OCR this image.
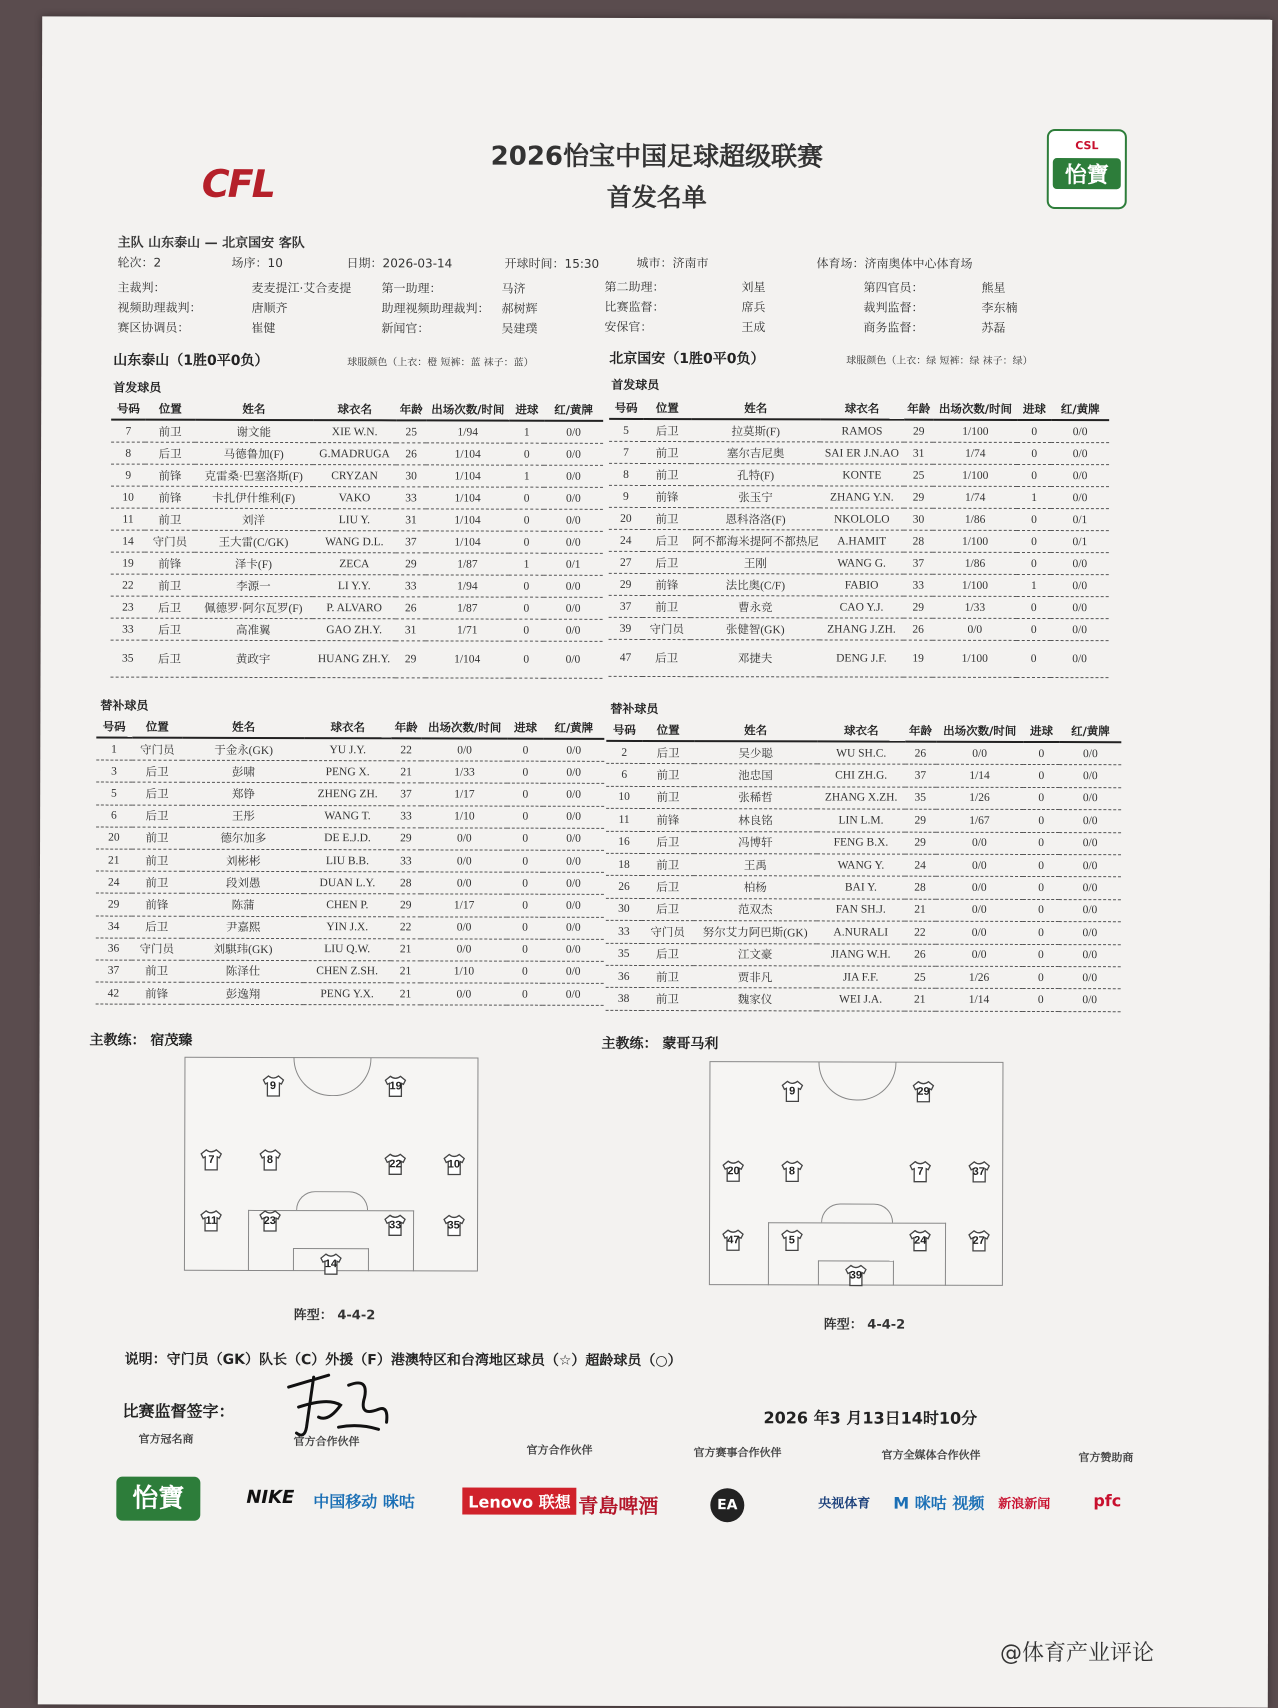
CFL
2026怡宝中国足球超级联赛
首发名单
CSL
怡寶
主队 山东泰山 — 北京国安 客队
轮次：2	场序：10	日期：2026-03-14	开球时间：15:30	城市：济南市	体育场：济南奥体中心体育场
主裁判：	麦麦提江·艾合麦提	第一助理：	马济	第二助理：	刘星	第四官员：	熊星
视频助理裁判：	唐顺齐	助理视频助理裁判： 郝树辉	比赛监督：	席兵	裁判监督：	李东楠
赛区协调员：	崔健	新闻官：	吴建璞	安保官：	王成	商务监督：	苏磊
山东泰山（1胜0平0负）	球服颜色（上衣：橙 短裤：蓝 袜子：蓝）	北京国安（1胜0平0负）	球服颜色（上衣：绿 短裤：绿 袜子：绿）
首发球员	首发球员
号码	位置	姓名	球衣名	年龄	出场次数/时间	进球	红/黄牌
7	前卫	谢文能	XIE W.N.	25	1/94	1	0/0
8	后卫	马德鲁加(F)	G.MADRUGA	26	1/104	0	0/0
9	前锋	克雷桑·巴塞洛斯(F)	CRYZAN	30	1/104	1	0/0
10	前锋	卡扎伊什维利(F)	VAKO	33	1/104	0	0/0
11	前卫	刘洋	LIU Y.	31	1/104	0	0/0
14	守门员	王大雷(C/GK)	WANG D.L.	37	1/104	0	0/0
19	前锋	泽卡(F)	ZECA	29	1/87	1	0/1
22	前卫	李源一	LI Y.Y.	33	1/94	0	0/0
23	后卫	佩德罗·阿尔瓦罗(F)	P. ALVARO	26	1/87	0	0/0
33	后卫	高准翼	GAO ZH.Y.	31	1/71	0	0/0
35	后卫	黄政宇	HUANG ZH.Y.	29	1/104	0	0/0
号码	位置	姓名	球衣名	年龄	出场次数/时间	进球	红/黄牌
5	后卫	拉莫斯(F)	RAMOS	29	1/100	0	0/0
7	前卫	塞尔吉尼奥	SAI ER J.N.AO	31	1/74	0	0/0
8	前卫	孔特(F)	KONTE	25	1/100	0	0/0
9	前锋	张玉宁	ZHANG Y.N.	29	1/74	1	0/0
20	前卫	恩科洛洛(F)	NKOLOLO	30	1/86	0	0/1
24	后卫	阿不都海米提阿不都热尼	A.HAMIT	28	1/100	0	0/1
27	后卫	王刚	WANG G.	37	1/86	0	0/0
29	前锋	法比奥(C/F)	FABIO	33	1/100	1	0/0
37	前卫	曹永竞	CAO Y.J.	29	1/33	0	0/0
39	守门员	张健智(GK)	ZHANG J.ZH.	26	0/0	0	0/0
47	后卫	邓捷夫	DENG J.F.	19	1/100	0	0/0
替补球员	替补球员
号码	位置	姓名	球衣名	年龄	出场次数/时间	进球	红/黄牌
1	守门员	于金永(GK)	YU J.Y.	22	0/0	0	0/0
3	后卫	彭啸	PENG X.	21	1/33	0	0/0
5	后卫	郑铮	ZHENG ZH.	37	1/17	0	0/0
6	后卫	王彤	WANG T.	33	1/10	0	0/0
20	前卫	德尔加多	DE E.J.D.	29	0/0	0	0/0
21	前卫	刘彬彬	LIU B.B.	33	0/0	0	0/0
24	前卫	段刘愚	DUAN L.Y.	28	0/0	0	0/0
29	前锋	陈蒲	CHEN P.	29	1/17	0	0/0
34	后卫	尹嘉熙	YIN J.X.	22	0/0	0	0/0
36	守门员	刘騏玮(GK)	LIU Q.W.	21	0/0	0	0/0
37	前卫	陈泽仕	CHEN Z.SH.	21	1/10	0	0/0
42	前锋	彭逸翔	PENG Y.X.	21	0/0	0	0/0
号码	位置	姓名	球衣名	年龄	出场次数/时间	进球	红/黄牌
2	后卫	吴少聪	WU SH.C.	26	0/0	0	0/0
6	前卫	池忠国	CHI ZH.G.	37	1/14	0	0/0
10	前卫	张稀哲	ZHANG X.ZH.	35	1/26	0	0/0
11	前锋	林良铭	LIN L.M.	29	1/67	0	0/0
16	后卫	冯博轩	FENG B.X.	29	0/0	0	0/0
18	前卫	王禹	WANG Y.	24	0/0	0	0/0
26	后卫	柏杨	BAI Y.	28	0/0	0	0/0
30	后卫	范双杰	FAN SH.J.	21	0/0	0	0/0
33	守门员	努尔艾力阿巴斯(GK)	A.NURALI	22	0/0	0	0/0
35	后卫	江文豪	JIANG W.H.	26	0/0	0	0/0
36	前卫	贾非凡	JIA F.F.	25	1/26	0	0/0
38	前卫	魏家仪	WEI J.A.	21	1/14	0	0/0
主教练： 宿茂臻	主教练： 蒙哥马利
9	19
7	8	22	10
11	23	33	35
14
9	29
20	8	7	37
47	5	24	27
39
阵型： 4-4-2
阵型： 4-4-2
说明：守门员（GK）队长（C）外援（F）港澳特区和台湾地区球员（☆）超龄球员（○）
比赛监督签字：	2026 年3 月13日14时10分
官方冠名商	官方合作伙伴
官方合作伙伴	官方赛事合作伙伴	官方全媒体合作伙伴	官方赞助商
怡寶	NIKE 中国移动 咪咕	Lenovo 联想 青島啤酒	EA	央视体育 M 咪咕 视频 新浪新闻	pfc
@体育产业评论
